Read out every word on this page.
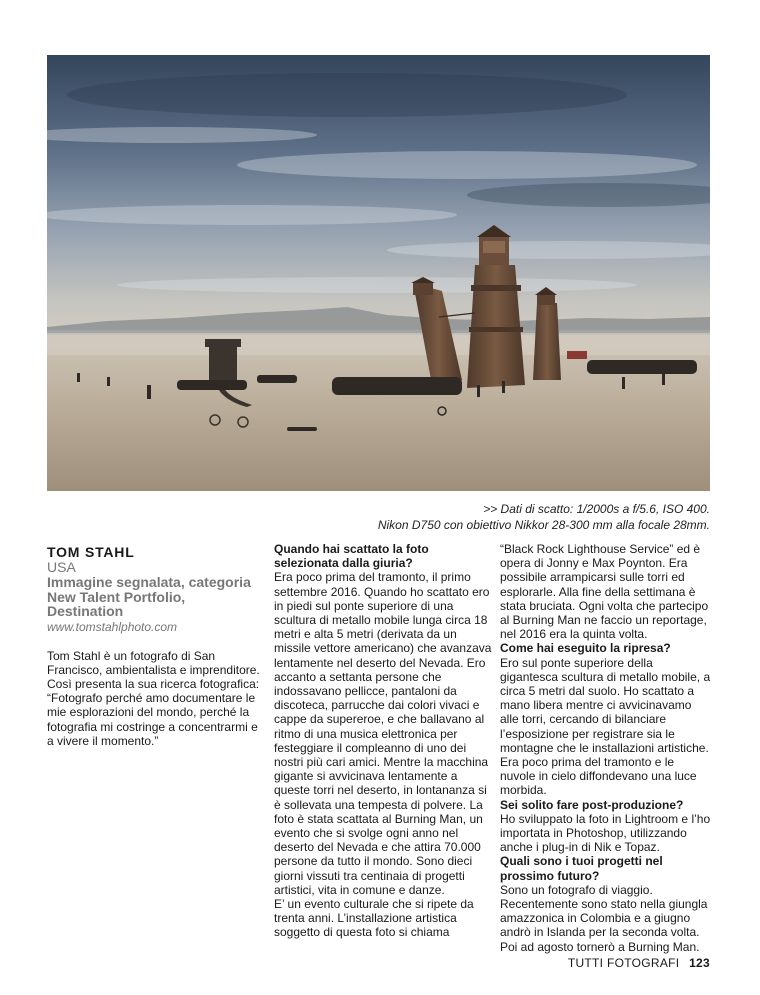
>> Dati di scatto: 1/2000s a f/5.6, ISO 400.
Nikon D750 con obiettivo Nikkor 28-300 mm alla focale 28mm.
TOM STAHL
USA
Immagine segnalata, categoria New Talent Portfolio, Destination
www.tomstahlphoto.com

Tom Stahl è un fotografo di San Francisco, ambientalista e imprenditore. Così presenta la sua ricerca fotografica: “Fotografo perché amo documentare le mie esplorazioni del mondo, perché la fotografia mi costringe a concentrarmi e a vivere il momento.”

Quando hai scattato la foto selezionata dalla giuria?

Era poco prima del tramonto, il primo settembre 2016. Quando ho scattato ero in piedi sul ponte superiore di una scultura di metallo mobile lunga circa 18 metri e alta 5 metri (derivata da un missile vettore americano) che avanzava lentamente nel deserto del Nevada. Ero accanto a settanta persone che indossavano pellicce, pantaloni da discoteca, parrucche dai colori vivaci e cappe da supereroe, e che ballavano al ritmo di una musica elettronica per festeggiare il compleanno di uno dei nostri più cari amici. Mentre la macchina gigante si avvicinava lentamente a queste torri nel deserto, in lontananza si è sollevata una tempesta di polvere. La foto è stata scattata al Burning Man, un evento che si svolge ogni anno nel deserto del Nevada e che attira 70.000 persone da tutto il mondo. Sono dieci giorni vissuti tra centinaia di progetti artistici, vita in comune e danze.

E’ un evento culturale che si ripete da trenta anni. L’installazione artistica soggetto di questa foto si chiama

“Black Rock Lighthouse Service” ed è opera di Jonny e Max Poynton. Era possibile arrampicarsi sulle torri ed esplorarle. Alla fine della settimana è stata bruciata. Ogni volta che partecipo al Burning Man ne faccio un reportage, nel 2016 era la quinta volta.

Come hai eseguito la ripresa?

Ero sul ponte superiore della gigantesca scultura di metallo mobile, a circa 5 metri dal suolo. Ho scattato a mano libera mentre ci avvicinavamo alle torri, cercando di bilanciare l’esposizione per registrare sia le montagne che le installazioni artistiche.

Era poco prima del tramonto e le nuvole in cielo diffondevano una luce morbida.

Sei solito fare post-produzione?

Ho sviluppato la foto in Lightroom e l’ho importata in Photoshop, utilizzando anche i plug-in di Nik e Topaz.

Quali sono i tuoi progetti nel prossimo futuro?

Sono un fotografo di viaggio. Recentemente sono stato nella giungla amazzonica in Colombia e a giugno andrò in Islanda per la seconda volta. Poi ad agosto tornerò a Burning Man.

TUTTI FOTOGRAFI 123
